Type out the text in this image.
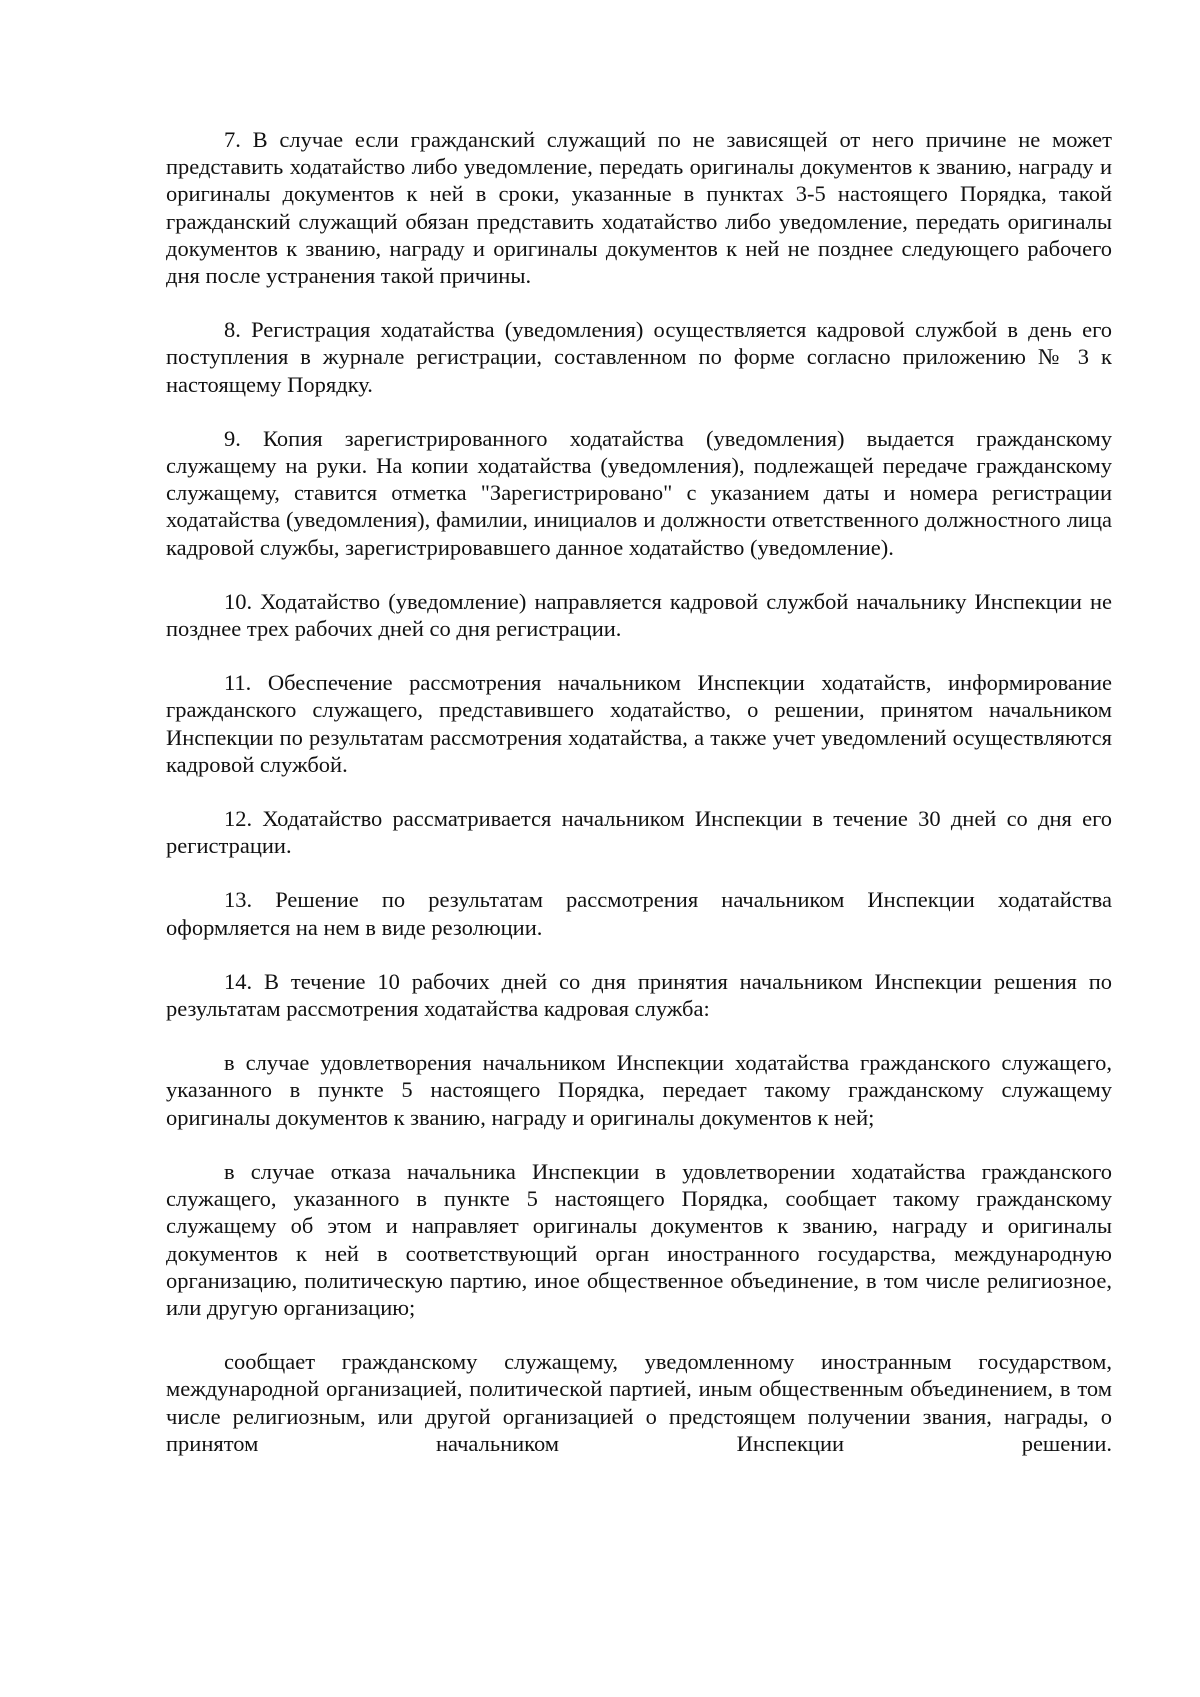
7. В случае если гражданский служащий по не зависящей от него причине не может представить ходатайство либо уведомление, передать оригиналы документов к званию, награду и оригиналы документов к ней в сроки, указанные в пунктах 3-5 настоящего Порядка, такой гражданский служащий обязан представить ходатайство либо уведомление, передать оригиналы документов к званию, награду и оригиналы документов к ней не позднее следующего рабочего дня после устранения такой причины.

8. Регистрация ходатайства (уведомления) осуществляется кадровой службой в день его поступления в журнале регистрации, составленном по форме согласно приложению № 3 к настоящему Порядку.

9. Копия зарегистрированного ходатайства (уведомления) выдается гражданскому служащему на руки. На копии ходатайства (уведомления), подлежащей передаче гражданскому служащему, ставится отметка "Зарегистрировано" с указанием даты и номера регистрации ходатайства (уведомления), фамилии, инициалов и должности ответственного должностного лица кадровой службы, зарегистрировавшего данное ходатайство (уведомление).

10. Ходатайство (уведомление) направляется кадровой службой начальнику Инспекции не позднее трех рабочих дней со дня регистрации.

11. Обеспечение рассмотрения начальником Инспекции ходатайств, информирование гражданского служащего, представившего ходатайство, о решении, принятом начальником Инспекции по результатам рассмотрения ходатайства, а также учет уведомлений осуществляются кадровой службой.

12. Ходатайство рассматривается начальником Инспекции в течение 30 дней со дня его регистрации.

13. Решение по результатам рассмотрения начальником Инспекции ходатайства оформляется на нем в виде резолюции.

14. В течение 10 рабочих дней со дня принятия начальником Инспекции решения по результатам рассмотрения ходатайства кадровая служба:

в случае удовлетворения начальником Инспекции ходатайства гражданского служащего, указанного в пункте 5 настоящего Порядка, передает такому гражданскому служащему оригиналы документов к званию, награду и оригиналы документов к ней;

в случае отказа начальника Инспекции в удовлетворении ходатайства гражданского служащего, указанного в пункте 5 настоящего Порядка, сообщает такому гражданскому служащему об этом и направляет оригиналы документов к званию, награду и оригиналы документов к ней в соответствующий орган иностранного государства, международную организацию, политическую партию, иное общественное объединение, в том числе религиозное, или другую организацию;

сообщает гражданскому служащему, уведомленному иностранным государством, международной организацией, политической партией, иным общественным объединением, в том числе религиозным, или другой организацией о предстоящем получении звания, награды, о принятом начальником Инспекции решении.
